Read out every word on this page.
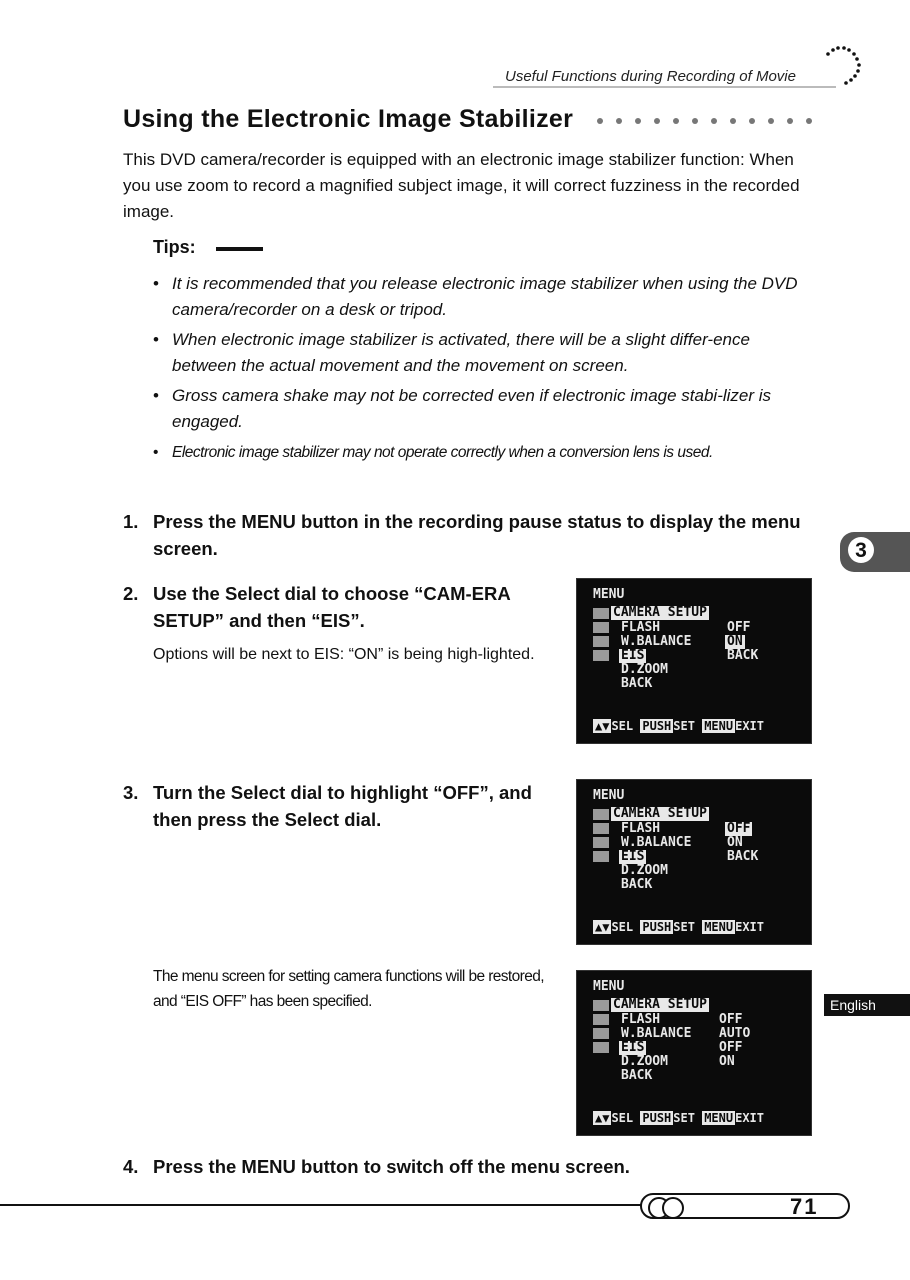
Useful Functions during Recording of Movie
Using the Electronic Image Stabilizer
This DVD camera/recorder is equipped with an electronic image stabilizer function: When you use zoom to record a magnified subject image, it will correct fuzziness in the recorded image.
Tips:
• It is recommended that you release electronic image stabilizer when using the DVD camera/recorder on a desk or tripod.
• When electronic image stabilizer is activated, there will be a slight differ-ence between the actual movement and the movement on screen.
• Gross camera shake may not be corrected even if electronic image stabi-lizer is engaged.
• Electronic image stabilizer may not operate correctly when a conversion lens is used.
1. Press the MENU button in the recording pause status to display the menu screen.
2. Use the Select dial to choose “CAM-ERA SETUP” and then “EIS”.
Options will be next to EIS: “ON” is being high-lighted.
3. Turn the Select dial to highlight “OFF”, and then press the Select dial.
The menu screen for setting camera functions will be restored, and “EIS OFF” has been specified.
4. Press the MENU button to switch off the menu screen.
MENU
CAMERA SETUP
FLASH
W.BALANCE
EIS
D.ZOOM
BACK
OFF
ON
BACK
▲▼ SEL PUSH SET MENU EXIT
MENU
CAMERA SETUP
FLASH
W.BALANCE
EIS
D.ZOOM
BACK
OFF
ON
BACK
▲▼ SEL PUSH SET MENU EXIT
MENU
CAMERA SETUP
FLASH
W.BALANCE
EIS
D.ZOOM
BACK
OFF
AUTO
OFF
ON
▲▼ SEL PUSH SET MENU EXIT
3
English
71
